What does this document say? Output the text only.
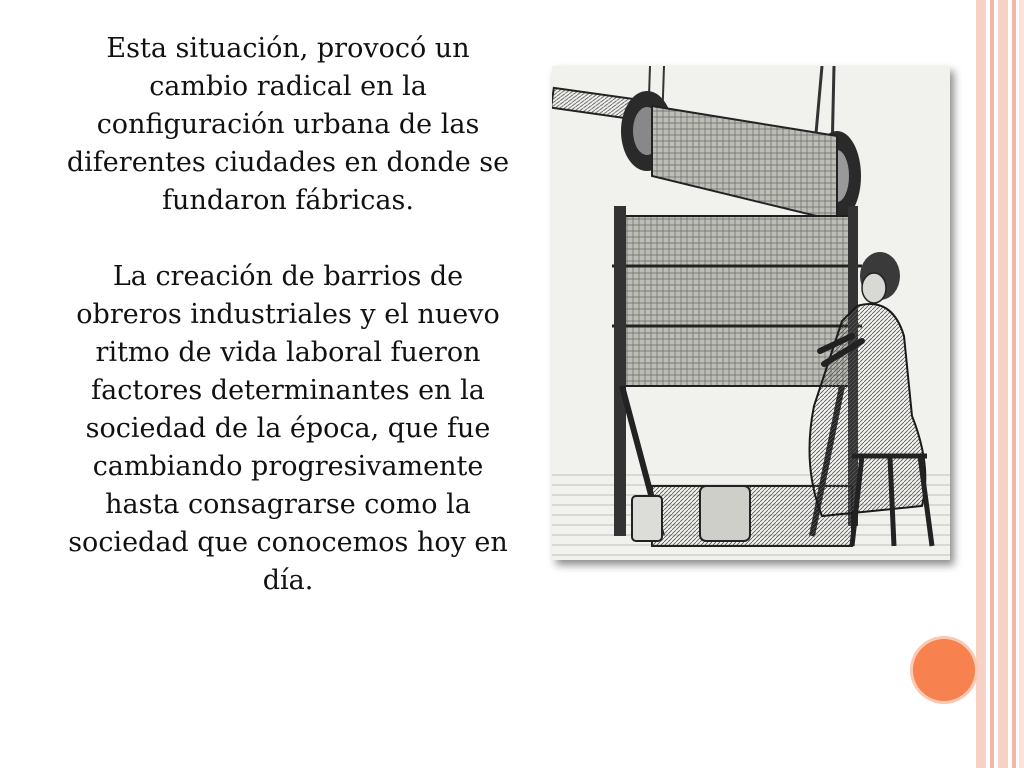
Esta situación, provocó un cambio radical en la configuración urbana de las diferentes ciudades en donde se fundaron fábricas.

La creación de barrios de obreros industriales y el nuevo ritmo de vida laboral fueron factores determinantes en la sociedad de la época, que fue cambiando progresivamente hasta consagrarse como la sociedad que conocemos hoy en día.
